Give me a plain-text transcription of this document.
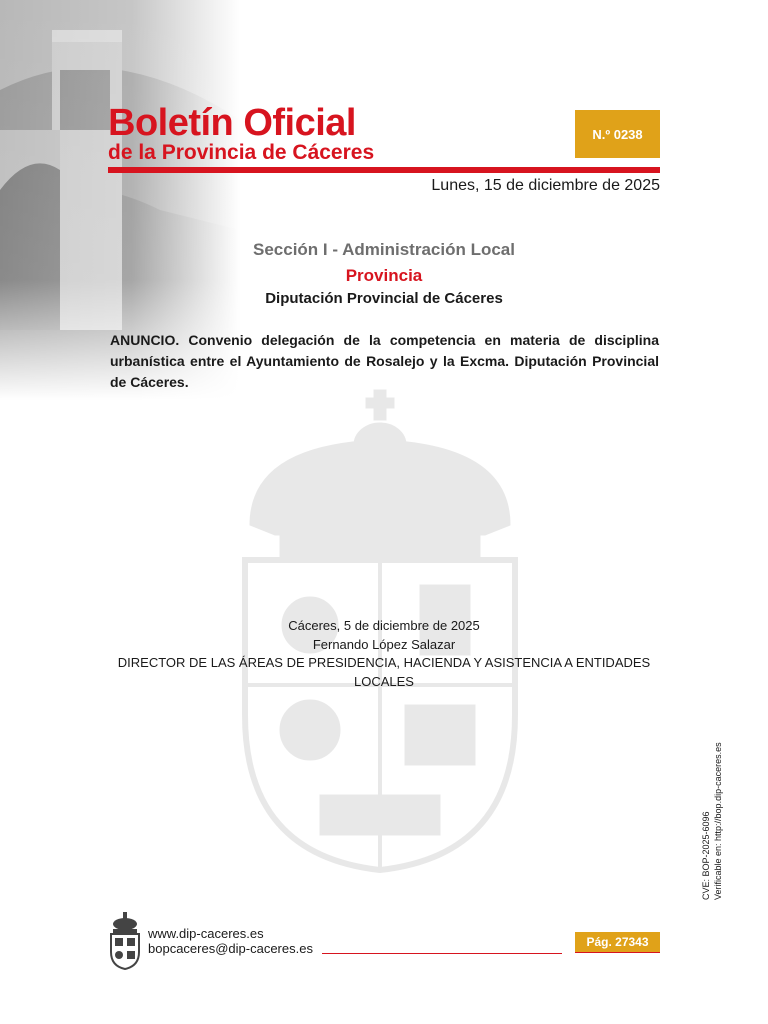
Boletín Oficial
de la Provincia de Cáceres
N.º 0238
Lunes, 15 de diciembre de 2025
Sección I - Administración Local
Provincia
Diputación Provincial de Cáceres
ANUNCIO. Convenio delegación de la competencia en materia de disciplina urbanística entre el Ayuntamiento de Rosalejo y la Excma. Diputación Provincial de Cáceres.
Cáceres, 5 de diciembre de 2025
Fernando López Salazar
DIRECTOR DE LAS ÁREAS DE PRESIDENCIA, HACIENDA Y ASISTENCIA A ENTIDADES LOCALES
CVE: BOP-2025-6096 Verificable en: http://bop.dip-caceres.es
www.dip-caceres.es
bopcaceres@dip-caceres.es	Pág. 27343
